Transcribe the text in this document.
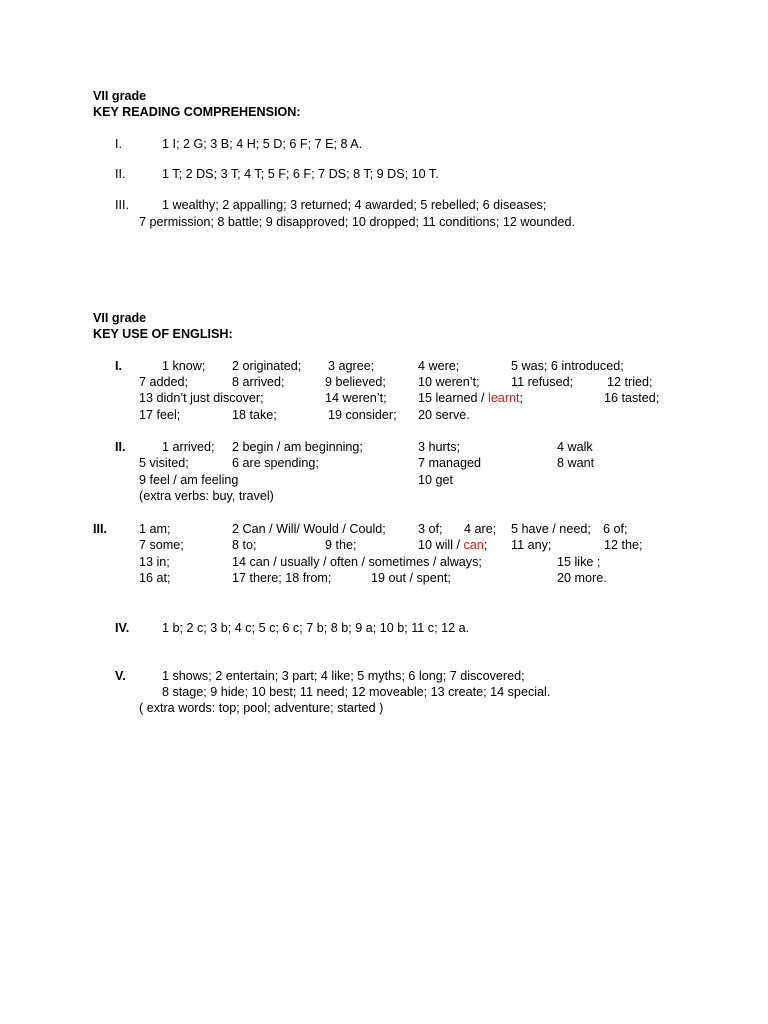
VII grade
KEY READING COMPREHENSION:
I.	1 I; 2 G; 3 B; 4 H; 5 D; 6 F; 7 E; 8 A.
II.	1 T; 2 DS; 3 T; 4 T; 5 F; 6 F; 7 DS; 8 T; 9 DS; 10 T.
III.	1 wealthy; 2 appalling; 3 returned; 4 awarded; 5 rebelled; 6 diseases;
7 permission; 8 battle; 9 disapproved; 10 dropped; 11 conditions; 12 wounded.
VII grade
KEY USE OF ENGLISH:
I.	1 know; 2 originated; 3 agree;	4 were;	5 was; 6 introduced;
7 added;	8 arrived;	9 believed;	10 weren’t; 11 refused;	12 tried;
13 didn’t just discover;	14 weren’t; 15 learned / learnt;	16 tasted;
17 feel;	18 take;	19 consider; 20 serve.
II.	1 arrived; 2 begin / am beginning;	3 hurts;	4 walk
5 visited;	6 are spending;	7 managed	8 want
9 feel / am feeling	10 get
(extra verbs: buy, travel)
III.	1 am;	2 Can / Will/ Would / Could;	3 of; 4 are; 5 have / need; 6 of;
7 some;	8 to;	9 the;	10 will / can; 11 any;	12 the;
13 in;	14 can / usually / often / sometimes / always;	15 like ;
16 at;	17 there; 18 from;	19 out / spent;	20 more.
IV.	1 b; 2 c; 3 b; 4 c; 5 c; 6 c; 7 b; 8 b; 9 a; 10 b; 11 c; 12 a.
V.	1 shows; 2 entertain; 3 part; 4 like; 5 myths; 6 long; 7 discovered;
8 stage; 9 hide; 10 best; 11 need; 12 moveable; 13 create; 14 special.
( extra words: top; pool; adventure; started )
